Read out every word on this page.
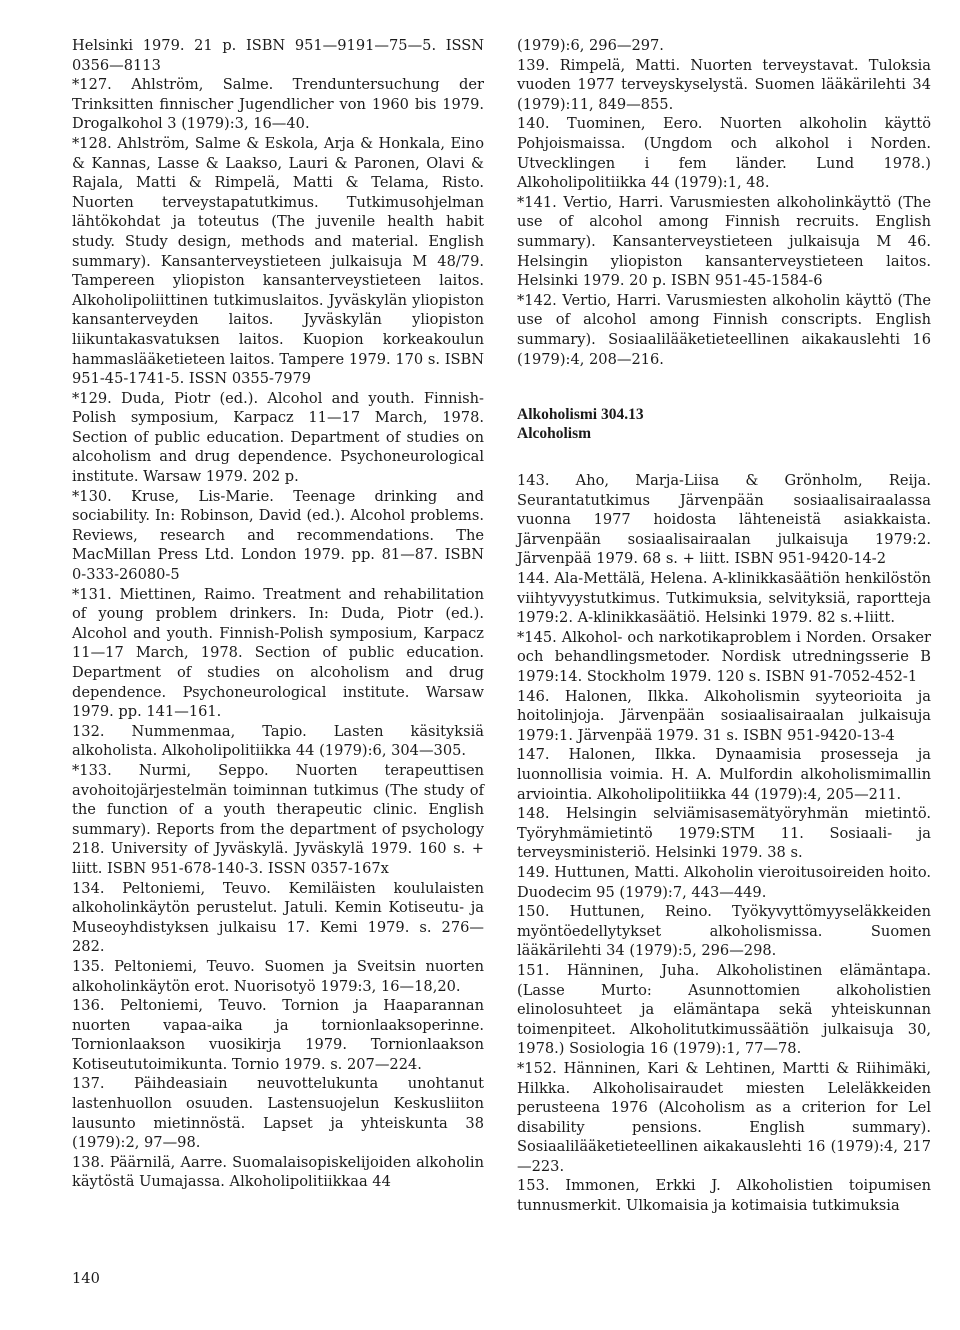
Helsinki 1979. 21 p. ISBN 951—9191—75—5. ISSN 0356—8113

*127. Ahlström, Salme. Trenduntersuchung der Trinksitten finnischer Jugendlicher von 1960 bis 1979. Drogalkohol 3 (1979):3, 16—40.

*128. Ahlström, Salme & Eskola, Arja & Honkala, Eino & Kannas, Lasse & Laakso, Lauri & Paronen, Olavi & Rajala, Matti & Rimpelä, Matti & Telama, Risto. Nuorten terveystapatutkimus. Tutkimusohjelman lähtökohdat ja toteutus (The juvenile health habit study. Study design, methods and material. English summary). Kansanterveystieteen julkaisuja M 48/79. Tampereen yliopiston kansanterveystieteen laitos. Alkoholipoliittinen tutkimuslaitos. Jyväskylän yliopiston kansanterveyden laitos. Jyväskylän yliopiston liikuntakasvatuksen laitos. Kuopion korkeakoulun hammaslääketieteen laitos. Tampere 1979. 170 s. ISBN 951-45-1741-5. ISSN 0355-7979

*129. Duda, Piotr (ed.). Alcohol and youth. Finnish-Polish symposium, Karpacz 11—17 March, 1978. Section of public education. Department of studies on alcoholism and drug dependence. Psychoneurological institute. Warsaw 1979. 202 p.

*130. Kruse, Lis-Marie. Teenage drinking and sociability. In: Robinson, David (ed.). Alcohol problems. Reviews, research and recommendations. The MacMillan Press Ltd. London 1979. pp. 81—87. ISBN 0-333-26080-5

*131. Miettinen, Raimo. Treatment and rehabilitation of young problem drinkers. In: Duda, Piotr (ed.). Alcohol and youth. Finnish-Polish symposium, Karpacz 11—17 March, 1978. Section of public education. Department of studies on alcoholism and drug dependence. Psychoneurological institute. Warsaw 1979. pp. 141—161.

132. Nummenmaa, Tapio. Lasten käsityksiä alkoholista. Alkoholipolitiikka 44 (1979):6, 304—305.

*133. Nurmi, Seppo. Nuorten terapeuttisen avohoitojärjestelmän toiminnan tutkimus (The study of the function of a youth therapeutic clinic. English summary). Reports from the department of psychology 218. University of Jyväskylä. Jyväskylä 1979. 160 s. + liitt. ISBN 951-678-140-3. ISSN 0357-167x

134. Peltoniemi, Teuvo. Kemiläisten koululaisten alkoholinkäytön perustelut. Jatuli. Kemin Kotiseutu- ja Museoyhdistyksen julkaisu 17. Kemi 1979. s. 276—282.

135. Peltoniemi, Teuvo. Suomen ja Sveitsin nuorten alkoholinkäytön erot. Nuorisotyö 1979:3, 16—18,20.

136. Peltoniemi, Teuvo. Tornion ja Haaparannan nuorten vapaa-aika ja tornionlaaksoperinne. Tornionlaakson vuosikirja 1979. Tornionlaakson Kotiseututoimikunta. Tornio 1979. s. 207—224.

137. Päihdeasiain neuvottelukunta unohtanut lastenhuollon osuuden. Lastensuojelun Keskusliiton lausunto mietinnöstä. Lapset ja yhteiskunta 38 (1979):2, 97—98.

138. Päärnilä, Aarre. Suomalaisopiskelijoiden alkoholin käytöstä Uumajassa. Alkoholipolitiikkaa 44

(1979):6, 296—297.

139. Rimpelä, Matti. Nuorten terveystavat. Tuloksia vuoden 1977 terveyskyselystä. Suomen lääkärilehti 34 (1979):11, 849—855.

140. Tuominen, Eero. Nuorten alkoholin käyttö Pohjoismaissa. (Ungdom och alkohol i Norden. Utvecklingen i fem länder. Lund 1978.) Alkoholipolitiikka 44 (1979):1, 48.

*141. Vertio, Harri. Varusmiesten alkoholinkäyttö (The use of alcohol among Finnish recruits. English summary). Kansanterveystieteen julkaisuja M 46. Helsingin yliopiston kansanterveystieteen laitos. Helsinki 1979. 20 p. ISBN 951-45-1584-6

*142. Vertio, Harri. Varusmiesten alkoholin käyttö (The use of alcohol among Finnish conscripts. English summary). Sosiaalilääketieteellinen aikakauslehti 16 (1979):4, 208—216.

Alkoholismi 304.13

Alcoholism

143. Aho, Marja-Liisa & Grönholm, Reija. Seurantatutkimus Järvenpään sosiaalisairaalassa vuonna 1977 hoidosta lähteneistä asiakkaista. Järvenpään sosiaalisairaalan julkaisuja 1979:2. Järvenpää 1979. 68 s. + liitt. ISBN 951-9420-14-2

144. Ala-Mettälä, Helena. A-klinikkasäätiön henkilöstön viihtyvyystutkimus. Tutkimuksia, selvityksiä, raportteja 1979:2. A-klinikkasäätiö. Helsinki 1979. 82 s.+liitt.

*145. Alkohol- och narkotikaproblem i Norden. Orsaker och behandlingsmetoder. Nordisk utredningsserie B 1979:14. Stockholm 1979. 120 s. ISBN 91-7052-452-1

146. Halonen, Ilkka. Alkoholismin syyteorioita ja hoitolinjoja. Järvenpään sosiaalisairaalan julkaisuja 1979:1. Järvenpää 1979. 31 s. ISBN 951-9420-13-4

147. Halonen, Ilkka. Dynaamisia prosesseja ja luonnollisia voimia. H. A. Mulfordin alkoholismimallin arviointia. Alkoholipolitiikka 44 (1979):4, 205—211.

148. Helsingin selviämisasemätyöryhmän mietintö. Työryhmämietintö 1979:STM 11. Sosiaali- ja terveysministeriö. Helsinki 1979. 38 s.

149. Huttunen, Matti. Alkoholin vieroitusoireiden hoito. Duodecim 95 (1979):7, 443—449.

150. Huttunen, Reino. Työkyvyttömyyseläkkeiden myöntöedellytykset alkoholismissa. Suomen lääkärilehti 34 (1979):5, 296—298.

151. Hänninen, Juha. Alkoholistinen elämäntapa. (Lasse Murto: Asunnottomien alkoholistien elinolosuhteet ja elämäntapa sekä yhteiskunnan toimenpiteet. Alkoholitutkimussäätiön julkaisuja 30, 1978.) Sosiologia 16 (1979):1, 77—78.

*152. Hänninen, Kari & Lehtinen, Martti & Riihimäki, Hilkka. Alkoholisairaudet miesten Leleläkkeiden perusteena 1976 (Alcoholism as a criterion for Lel disability pensions. English summary). Sosiaalilääketieteellinen aikakauslehti 16 (1979):4, 217—223.

153. Immonen, Erkki J. Alkoholistien toipumisen tunnusmerkit. Ulkomaisia ja kotimaisia tutkimuksia

140
